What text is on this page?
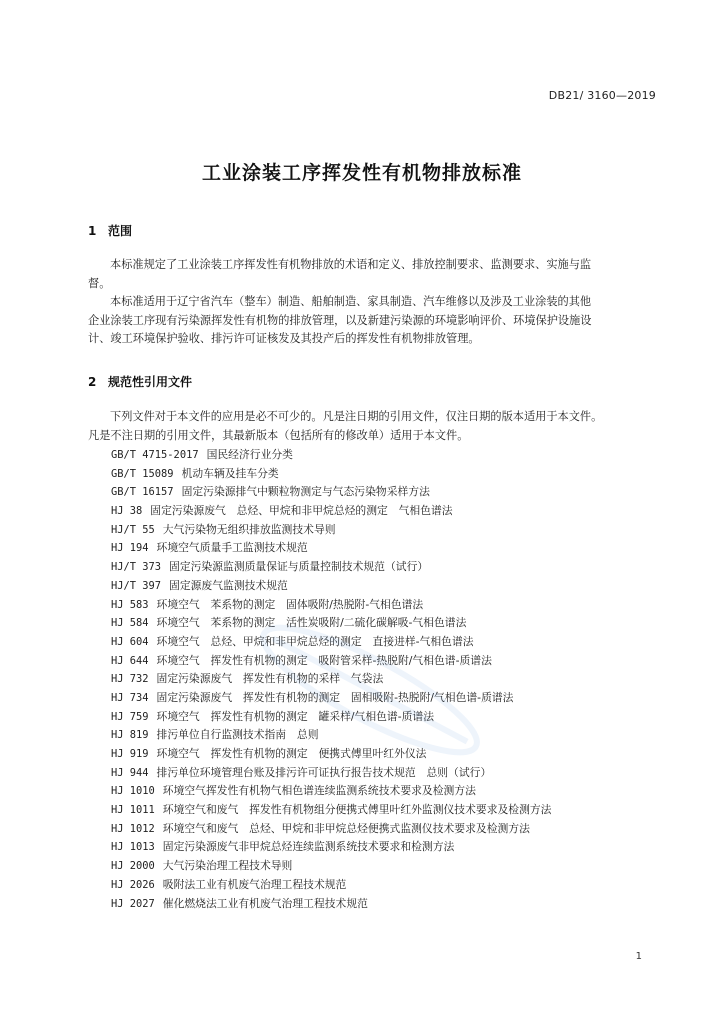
DB21/ 3160—2019
工业涂装工序挥发性有机物排放标准
1 范围
本标准规定了工业涂装工序挥发性有机物排放的术语和定义、排放控制要求、监测要求、实施与监
督。
本标准适用于辽宁省汽车（整车）制造、船舶制造、家具制造、汽车维修以及涉及工业涂装的其他
企业涂装工序现有污染源挥发性有机物的排放管理，以及新建污染源的环境影响评价、环境保护设施设
计、竣工环境保护验收、排污许可证核发及其投产后的挥发性有机物排放管理。
2 规范性引用文件
下列文件对于本文件的应用是必不可少的。凡是注日期的引用文件，仅注日期的版本适用于本文件。
凡是不注日期的引用文件，其最新版本（包括所有的修改单）适用于本文件。
GB/T 4715-2017 国民经济行业分类
GB/T 15089 机动车辆及挂车分类
GB/T 16157 固定污染源排气中颗粒物测定与气态污染物采样方法
HJ 38 固定污染源废气　总烃、甲烷和非甲烷总烃的测定　气相色谱法
HJ/T 55 大气污染物无组织排放监测技术导则
HJ 194 环境空气质量手工监测技术规范
HJ/T 373 固定污染源监测质量保证与质量控制技术规范（试行）
HJ/T 397 固定源废气监测技术规范
HJ 583 环境空气　苯系物的测定　固体吸附/热脱附-气相色谱法
HJ 584 环境空气　苯系物的测定　活性炭吸附/二硫化碳解吸-气相色谱法
HJ 604 环境空气　总烃、甲烷和非甲烷总烃的测定　直接进样-气相色谱法
HJ 644 环境空气　挥发性有机物的测定　吸附管采样-热脱附/气相色谱-质谱法
HJ 732 固定污染源废气　挥发性有机物的采样　气袋法
HJ 734 固定污染源废气　挥发性有机物的测定　固相吸附-热脱附/气相色谱-质谱法
HJ 759 环境空气　挥发性有机物的测定　罐采样/气相色谱-质谱法
HJ 819 排污单位自行监测技术指南　总则
HJ 919 环境空气　挥发性有机物的测定　便携式傅里叶红外仪法
HJ 944 排污单位环境管理台账及排污许可证执行报告技术规范　总则（试行）
HJ 1010 环境空气挥发性有机物气相色谱连续监测系统技术要求及检测方法
HJ 1011 环境空气和废气　挥发性有机物组分便携式傅里叶红外监测仪技术要求及检测方法
HJ 1012 环境空气和废气　总烃、甲烷和非甲烷总烃便携式监测仪技术要求及检测方法
HJ 1013 固定污染源废气非甲烷总烃连续监测系统技术要求和检测方法
HJ 2000 大气污染治理工程技术导则
HJ 2026 吸附法工业有机废气治理工程技术规范
HJ 2027 催化燃烧法工业有机废气治理工程技术规范
1
